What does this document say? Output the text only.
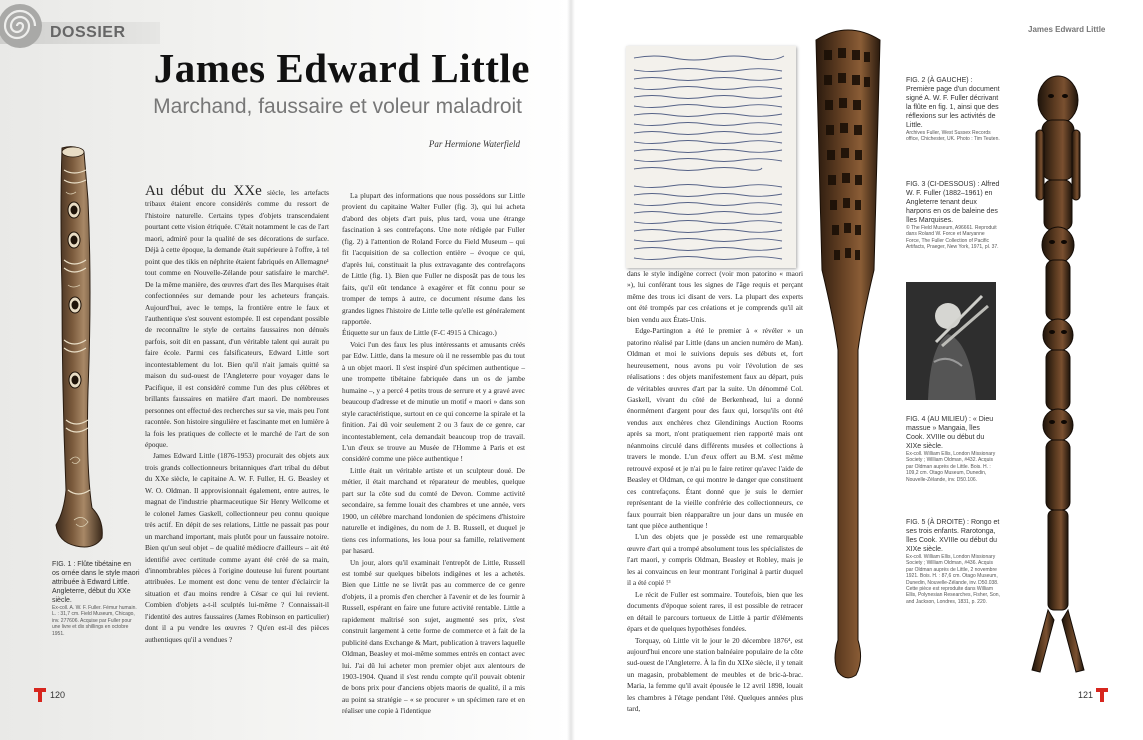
DOSSIER
James Edward Little
Marchand, faussaire et voleur maladroit
Par Hermione Waterfield
FIG. 1 : Flûte tibétaine en os ornée dans le style maori attribuée à Edward Little. Angleterre, début du XXe siècle.
Ex-coll. A. W. F. Fuller. Fémur humain. L. : 31,7 cm. Field Museum, Chicago, inv. 277606. Acquise par Fuller pour une livre et dix shillings en octobre 1951.

Au début du XXe siècle, les artefacts tribaux étaient encore considérés comme du ressort de l'histoire naturelle. Certains types d'objets transcendaient pourtant cette vision étriquée. C'était notamment le cas de l'art maori, admiré pour la qualité de ses décorations de surface. Déjà à cette époque, la demande était supérieure à l'offre, à tel point que des tikis en néphrite étaient fabriqués en Allemagne¹ tout comme en Nouvelle-Zélande pour satisfaire le marché². De la même manière, des œuvres d'art des îles Marquises était confectionnées sur demande pour les acheteurs français. Aujourd'hui, avec le temps, la frontière entre le faux et l'authentique s'est souvent estompée. Il est cependant possible de reconnaître le style de certains faussaires non dénués parfois, soit dit en passant, d'un véritable talent qui aurait pu faire école. Parmi ces falsificateurs, Edward Little sort incontestablement du lot. Bien qu'il n'ait jamais quitté sa maison du sud-ouest de l'Angleterre pour voyager dans le Pacifique, il est considéré comme l'un des plus célèbres et brillants faussaires en matière d'art maori. De nombreuses personnes ont effectué des recherches sur sa vie, mais peu l'ont racontée. Son histoire singulière et fascinante met en lumière à la fois les pratiques de collecte et le marché de l'art de son époque.

James Edward Little (1876-1953) procurait des objets aux trois grands collectionneurs britanniques d'art tribal du début du XXe siècle, le capitaine A. W. F. Fuller, H. G. Beasley et W. O. Oldman. Il approvisionnait également, entre autres, le magnat de l'industrie pharmaceutique Sir Henry Wellcome et le colonel James Gaskell, collectionneur peu connu quoique très actif. En dépit de ses relations, Little ne passait pas pour un marchand important, mais plutôt pour un faussaire notoire. Bien qu'un seul objet – de qualité médiocre d'ailleurs – ait été identifié avec certitude comme ayant été créé de sa main, d'innombrables pièces à l'origine douteuse lui furent pourtant attribuées. Le moment est donc venu de tenter d'éclaircir la situation et d'au moins rendre à César ce qui lui revient. Combien d'objets a-t-il sculptés lui-même ? Connaissait-il l'identité des autres faussaires (James Robinson en particulier) dont il a pu vendre les œuvres ? Qu'en est-il des pièces authentiques qu'il a vendues ?

La plupart des informations que nous possédons sur Little provient du capitaine Walter Fuller (fig. 3), qui lui acheta d'abord des objets d'art puis, plus tard, voua une étrange fascination à ses contrefaçons. Une note rédigée par Fuller (fig. 2) à l'attention de Roland Force du Field Museum – qui fit l'acquisition de sa collection entière – évoque ce qui, d'après lui, constituait la plus extravagante des contrefaçons de Little (fig. 1). Bien que Fuller ne disposât pas de tous les faits, qu'il eût tendance à exagérer et fût connu pour se tromper de temps à autre, ce document résume dans les grandes lignes l'histoire de Little telle qu'elle est généralement rapportée.

Étiquette sur un faux de Little (F-C 4915 à Chicago.)

Voici l'un des faux les plus intéressants et amusants créés par Edw. Little, dans la mesure où il ne ressemble pas du tout à un objet maori. Il s'est inspiré d'un spécimen authentique – une trompette tibétaine fabriquée dans un os de jambe humaine –, y a percé 4 petits trous de serrure et y a gravé avec beaucoup d'adresse et de minutie un motif « maori » dans son style caractéristique, surtout en ce qui concerne la spirale et la finition. J'ai dû voir seulement 2 ou 3 faux de ce genre, car incontestablement, cela demandait beaucoup trop de travail. L'un d'eux se trouve au Musée de l'Homme à Paris et est considéré comme une pièce authentique !

Little était un véritable artiste et un sculpteur doué. De métier, il était marchand et réparateur de meubles, quelque part sur la côte sud du comté de Devon. Comme activité secondaire, sa femme louait des chambres et une année, vers 1900, un célèbre marchand londonien de spécimens d'histoire naturelle et indigènes, du nom de J. B. Russell, et duquel je tiens ces informations, les loua pour sa famille, relativement par hasard.

Un jour, alors qu'il examinait l'entrepôt de Little, Russell est tombé sur quelques bibelots indigènes et les a achetés. Bien que Little ne se livrât pas au commerce de ce genre d'objets, il a promis d'en chercher à l'avenir et de les fournir à Russell, espérant en faire une future activité rentable. Little a rapidement maîtrisé son sujet, augmenté ses prix, s'est construit largement à cette forme de commerce et à fait de la publicité dans Exchange & Mart, publication à travers laquelle Oldman, Beasley et moi-même sommes entrés en contact avec lui. J'ai dû lui acheter mon premier objet aux alentours de 1903-1904. Quand il s'est rendu compte qu'il pouvait obtenir de bons prix pour d'anciens objets maoris de qualité, il a mis au point sa stratégie – « se procurer » un spécimen rare et en réaliser une copie à l'identique

120
James Edward Little

dans le style indigène correct (voir mon patorino « maori »), lui conférant tous les signes de l'âge requis et perçant même des trous ici disant de vers. La plupart des experts ont été trompés par ces créations et je comprends qu'il ait bien vendu aux États-Unis.

Edge-Partington a été le premier à « révéler » un patorino réalisé par Little (dans un ancien numéro de Man). Oldman et moi le suivions depuis ses débuts et, fort heureusement, nous avons pu voir l'évolution de ses réalisations : des objets manifestement faux au départ, puis de véritables œuvres d'art par la suite. Un dénommé Col. Gaskell, vivant du côté de Berkenhead, lui a donné énormément d'argent pour des faux qui, lorsqu'ils ont été vendus aux enchères chez Glendinings Auction Rooms après sa mort, n'ont pratiquement rien rapporté mais ont néanmoins circulé dans différents musées et collections à travers le monde. L'un d'eux offert au B.M. s'est même retrouvé exposé et je n'ai pu le faire retirer qu'avec l'aide de Beasley et Oldman, ce qui montre le danger que constituent ces contrefaçons. Étant donné que je suis le dernier représentant de la vieille confrérie des collectionneurs, ce faux pourrait bien réapparaître un jour dans un musée en tant que pièce authentique !

L'un des objets que je possède est une remarquable œuvre d'art qui a trompé absolument tous les spécialistes de l'art maori, y compris Oldman, Beasley et Robley, mais je les ai convaincus en leur montrant l'original à partir duquel il a été copié !³

Le récit de Fuller est sommaire. Toutefois, bien que les documents d'époque soient rares, il est possible de retracer en détail le parcours tortueux de Little à partir d'éléments épars et de quelques hypothèses fondées.

Torquay, où Little vit le jour le 20 décembre 1876⁴, est aujourd'hui encore une station balnéaire populaire de la côte sud-ouest de l'Angleterre. À la fin du XIXe siècle, il y tenait un magasin, probablement de meubles et de bric-à-brac. Maria, la femme qu'il avait épousée le 12 avril 1898, louait les chambres à l'étage pendant l'été. Quelques années plus tard,

FIG. 2 (À GAUCHE) : Première page d'un document signé A. W. F. Fuller décrivant la flûte en fig. 1, ainsi que des réflexions sur les activités de Little.
Archives Fuller, West Sussex Records office, Chichester, UK. Photo : Tim Teuten.
FIG. 3 (CI-DESSOUS) : Alfred W. F. Fuller (1882–1961) en Angleterre tenant deux harpons en os de baleine des îles Marquises.
© The Field Museum, A96661. Reproduit dans Roland W. Force et Maryanne Force, The Fuller Collection of Pacific Artifacts, Praeger, New York, 1971, pl. 37.
FIG. 4 (AU MILIEU) : « Dieu massue » Mangaia, îles Cook. XVIIIe ou début du XIXe siècle.
Ex-coll. William Ellis, London Missionary Society ; William Oldman, #432. Acquis par Oldman auprès de Little. Bois. H. : 109,2 cm. Otago Museum, Dunedin, Nouvelle-Zélande, inv. D50.106.
FIG. 5 (À DROITE) : Rongo et ses trois enfants. Rarotonga, îles Cook. XVIIIe ou début du XIXe siècle.
Ex-coll. William Ellis, London Missionary Society ; William Oldman, #436. Acquis par Oldman auprès de Little, 2 novembre 1921. Bois. H. : 87,6 cm. Otago Museum, Dunedin, Nouvelle-Zélande, inv. D50.038. Cette pièce est reproduite dans William Ellis, Polynesian Researches, Fisher, Son, and Jackson, Londres, 1831, p. 220.
121
